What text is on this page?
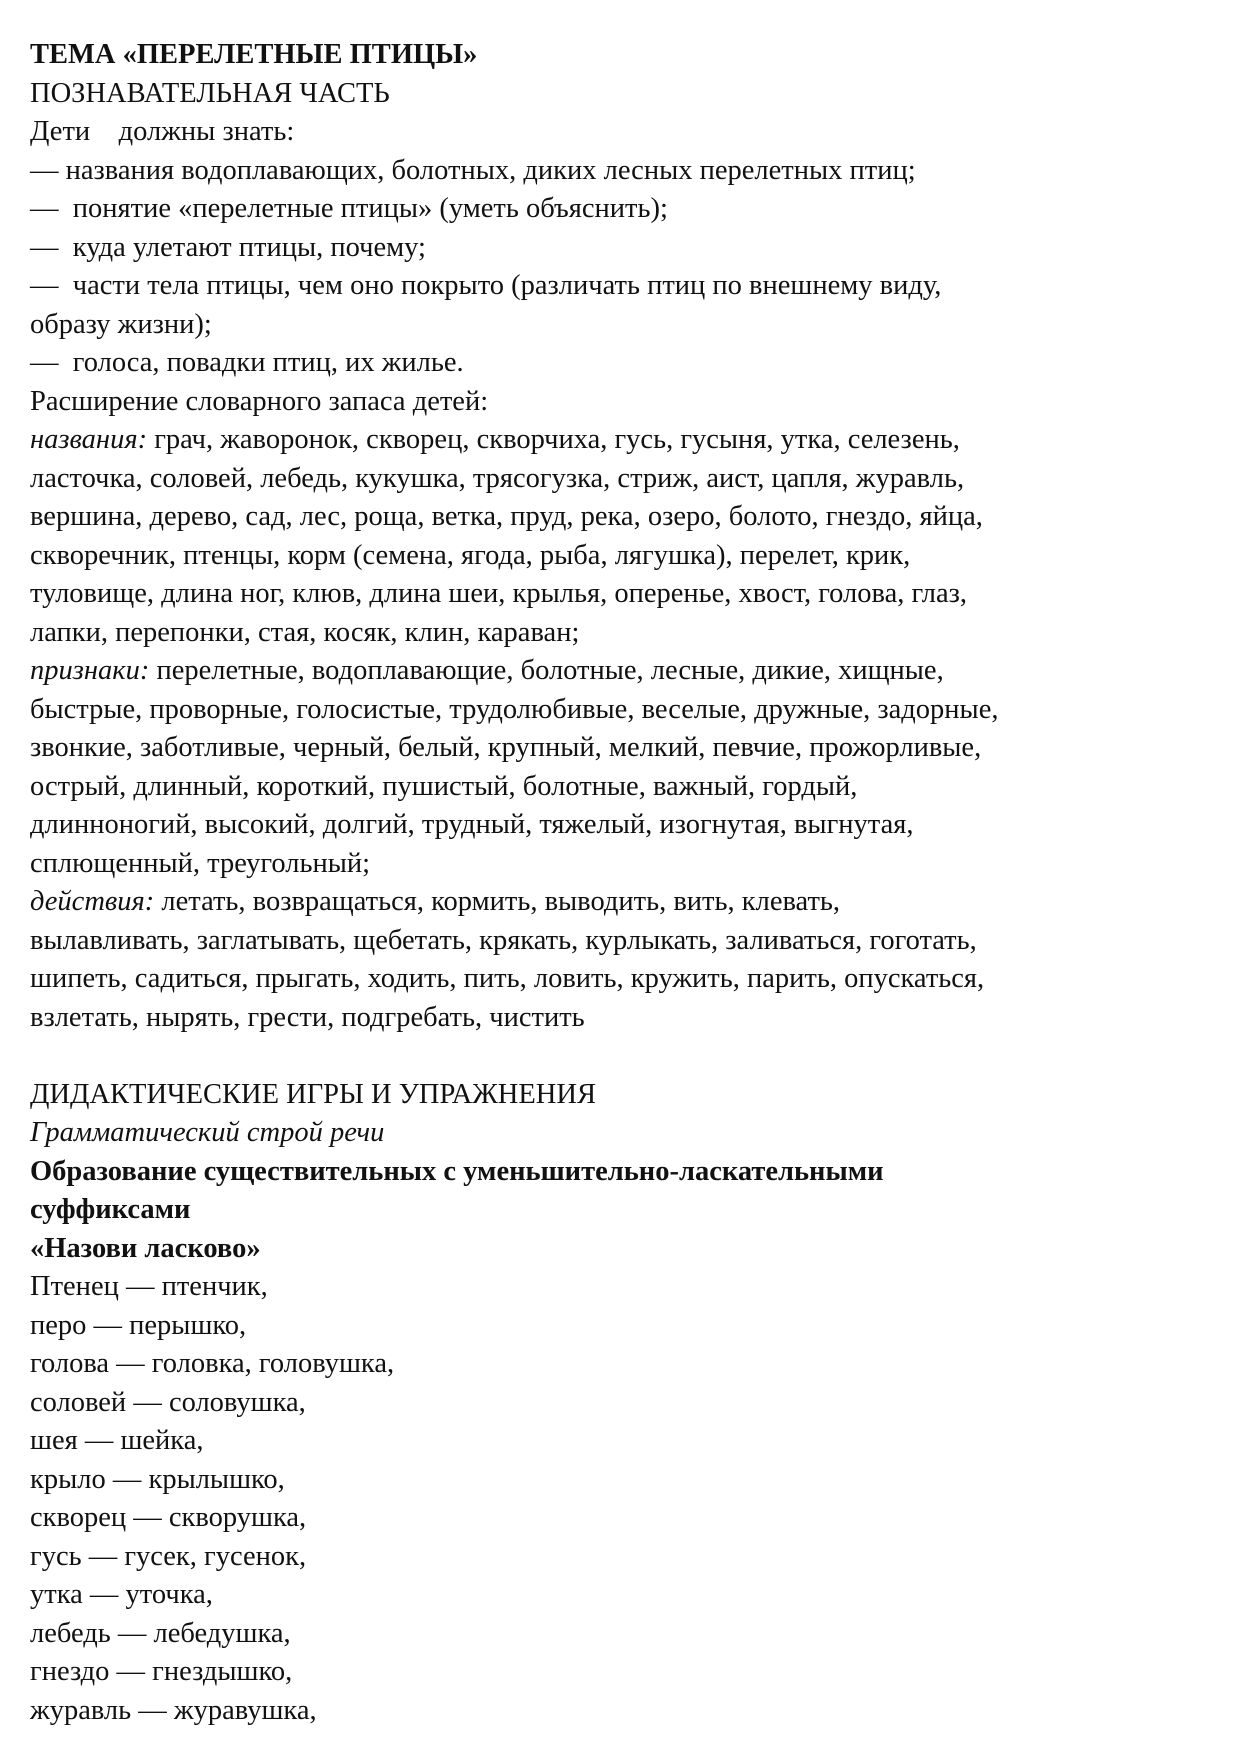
ТЕМА «ПЕРЕЛЕТНЫЕ ПТИЦЫ»
ПОЗНАВАТЕЛЬНАЯ ЧАСТЬ
Дети    должны знать:
— названия водоплавающих, болотных, диких лесных перелетных птиц;
—  понятие «перелетные птицы» (уметь объяснить);
—  куда улетают птицы, почему;
—  части тела птицы, чем оно покрыто (различать птиц по внешнему виду,
образу жизни);
—  голоса, повадки птиц, их жилье.
Расширение словарного запаса детей:
названия: грач, жаворонок, скворец, скворчиха, гусь, гусыня, утка, селезень,
ласточка, соловей, лебедь, кукушка, трясогузка, стриж, аист, цапля, журавль,
вершина, дерево, сад, лес, роща, ветка, пруд, река, озеро, болото, гнездо, яйца,
скворечник, птенцы, корм (семена, ягода, рыба, лягушка), перелет, крик,
туловище, длина ног, клюв, длина шеи, крылья, оперенье, хвост, голова, глаз,
лапки, перепонки, стая, косяк, клин, караван;
признаки: перелетные, водоплавающие, болотные, лесные, дикие, хищные,
быстрые, проворные, голосистые, трудолюбивые, веселые, дружные, задорные,
звонкие, заботливые, черный, белый, крупный, мелкий, певчие, прожорливые,
острый, длинный, короткий, пушистый, болотные, важный, гордый,
длинноногий, высокий, долгий, трудный, тяжелый, изогнутая, выгнутая,
сплющенный, треугольный;
действия: летать, возвращаться, кормить, выводить, вить, клевать,
вылавливать, заглатывать, щебетать, крякать, курлыкать, заливаться, гоготать,
шипеть, садиться, прыгать, ходить, пить, ловить, кружить, парить, опускаться,
взлетать, нырять, грести, подгребать, чистить
ДИДАКТИЧЕСКИЕ ИГРЫ И УПРАЖНЕНИЯ
Грамматический строй речи
Образование существительных с уменьшительно-ласкательными
суффиксами
«Назови ласково»
Птенец — птенчик,
перо — перышко,
голова — головка, головушка,
соловей — соловушка,
шея — шейка,
крыло — крылышко,
скворец — скворушка,
гусь — гусек, гусенок,
утка — уточка,
лебедь — лебедушка,
гнездо — гнездышко,
журавль — журавушка,
